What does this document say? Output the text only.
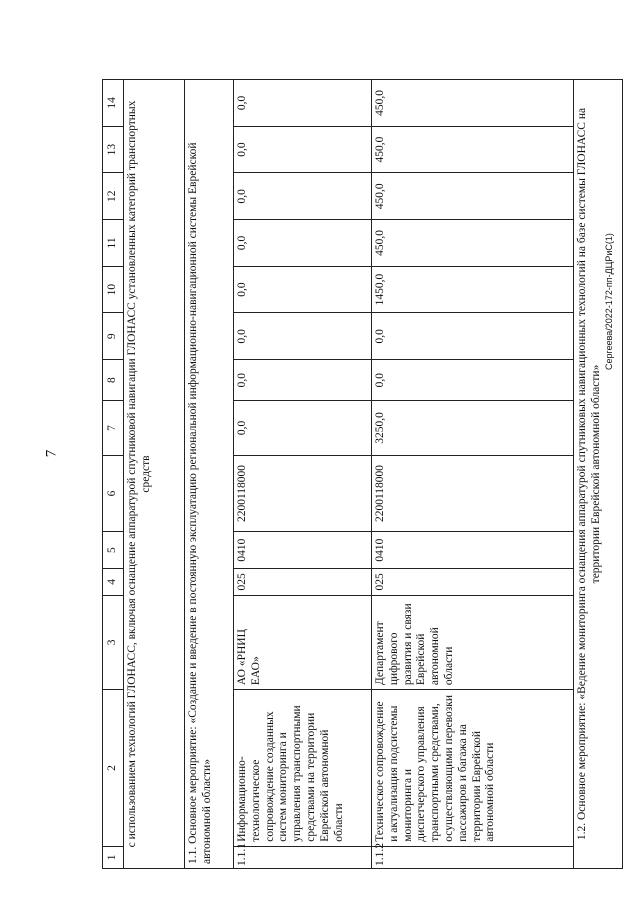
7
Сергеева/2022-172-пп-ДЦРиС(1)
1	2	3	4	5	6	7	8	9	10	11	12	13	14
с использованием технологий ГЛОНАСС, включая оснащение аппаратурой спутниковой навигации ГЛОНАСС установленных категорий транспортных средств													
1.1. Основное мероприятие: «Создание и введение в постоянную эксплуатацию региональной информационно-навигационной системы Еврейской автономной области»													
1.1.1	Информационно-технологическое сопровождение созданных систем мониторинга и управления транспортными средствами на территории Еврейской автономной области	АО «РНИЦ ЕАО»	025	0410	2200118000	0,0	0,0	0,0	0,0	0,0	0,0	0,0	0,0
1.1.2	Техническое сопровождение и актуализация подсистемы мониторинга и диспетчерского управления транспортными средствами, осуществляющими перевозки пассажиров и багажа на территории Еврейской автономной области	Департамент цифрового развития и связи Еврейской автономной области	025	0410	2200118000	3250,0	0,0	0,0	1450,0	450,0	450,0	450,0	450,0
1.2. Основное мероприятие: «Ведение мониторинга оснащения аппаратурой спутниковых навигационных технологий на базе системы ГЛОНАСС на территории Еврейской автономной области»													
